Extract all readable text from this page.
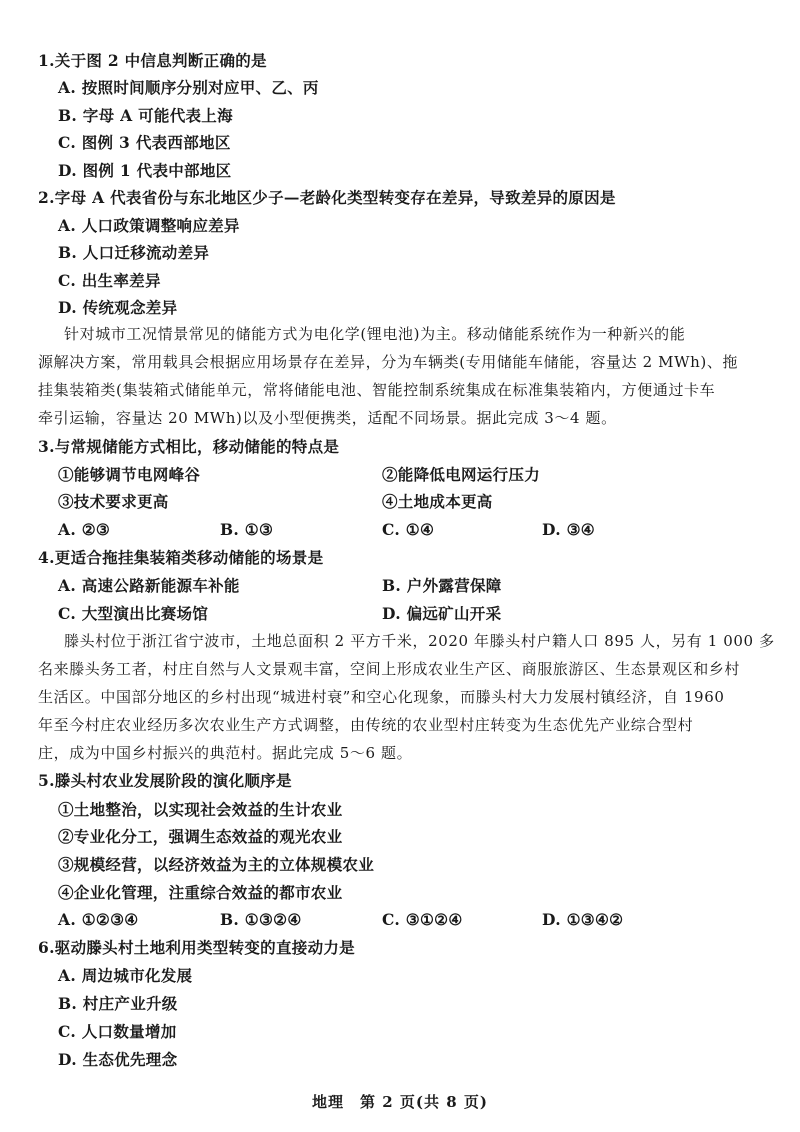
1.关于图 2 中信息判断正确的是
A. 按照时间顺序分别对应甲、乙、丙
B. 字母 A 可能代表上海
C. 图例 3 代表西部地区
D. 图例 1 代表中部地区
2.字母 A 代表省份与东北地区少子—老龄化类型转变存在差异，导致差异的原因是
A. 人口政策调整响应差异
B. 人口迁移流动差异
C. 出生率差异
D. 传统观念差异
针对城市工况情景常见的储能方式为电化学(锂电池)为主。移动储能系统作为一种新兴的能
源解决方案，常用载具会根据应用场景存在差异，分为车辆类(专用储能车储能，容量达 2 MWh)、拖
挂集装箱类(集装箱式储能单元，常将储能电池、智能控制系统集成在标准集装箱内，方便通过卡车
牵引运输，容量达 20 MWh)以及小型便携类，适配不同场景。据此完成 3～4 题。
3.与常规储能方式相比，移动储能的特点是
①能够调节电网峰谷	②能降低电网运行压力
③技术要求更高	④土地成本更高
A. ②③	B. ①③	C. ①④	D. ③④
4.更适合拖挂集装箱类移动储能的场景是
A. 高速公路新能源车补能	B. 户外露营保障
C. 大型演出比赛场馆	D. 偏远矿山开采
滕头村位于浙江省宁波市，土地总面积 2 平方千米，2020 年滕头村户籍人口 895 人，另有 1 000 多
名来滕头务工者，村庄自然与人文景观丰富，空间上形成农业生产区、商服旅游区、生态景观区和乡村
生活区。中国部分地区的乡村出现“城进村衰”和空心化现象，而滕头村大力发展村镇经济，自 1960
年至今村庄农业经历多次农业生产方式调整，由传统的农业型村庄转变为生态优先产业综合型村
庄，成为中国乡村振兴的典范村。据此完成 5～6 题。
5.滕头村农业发展阶段的演化顺序是
①土地整治，以实现社会效益的生计农业
②专业化分工，强调生态效益的观光农业
③规模经营，以经济效益为主的立体规模农业
④企业化管理，注重综合效益的都市农业
A. ①②③④	B. ①③②④	C. ③①②④	D. ①③④②
6.驱动滕头村土地利用类型转变的直接动力是
A. 周边城市化发展
B. 村庄产业升级
C. 人口数量增加
D. 生态优先理念
地理　第 2 页(共 8 页)
